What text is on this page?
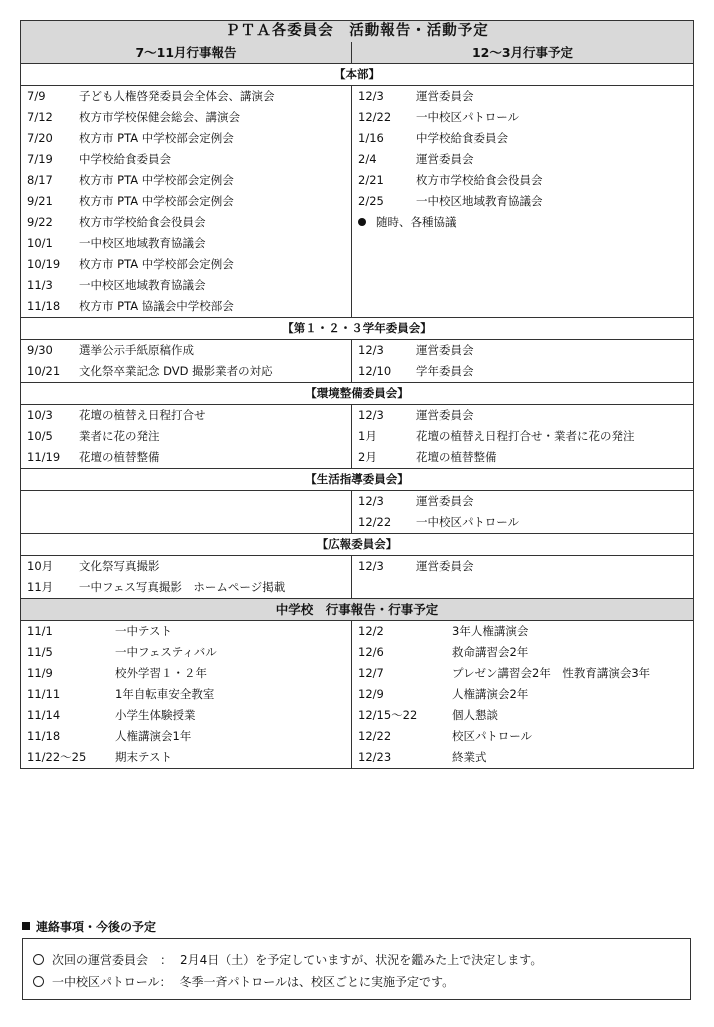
ＰＴＡ各委員会　活動報告・活動予定	
7〜11月行事報告	12〜3月行事予定
【本部】	
7/9 子ども人権啓発委員会全体会、講演会	12/3 運営委員会
7/12 枚方市学校保健会総会、講演会	12/22 一中校区パトロール
7/20 枚方市 PTA 中学校部会定例会	1/16 中学校給食委員会
7/19 中学校給食委員会	2/4 運営委員会
8/17 枚方市 PTA 中学校部会定例会	2/21 枚方市学校給食会役員会
9/21 枚方市 PTA 中学校部会定例会	2/25 一中校区地域教育協議会
9/22 枚方市学校給食会役員会	随時、各種協議
10/1 一中校区地域教育協議会	
10/19 枚方市 PTA 中学校部会定例会	
11/3 一中校区地域教育協議会	
11/18 枚方市 PTA 協議会中学校部会	
【第１・２・３学年委員会】	
9/30 選挙公示手紙原稿作成	12/3 運営委員会
10/21 文化祭卒業記念 DVD 撮影業者の対応	12/10 学年委員会
【環境整備委員会】	
10/3 花壇の植替え日程打合せ	12/3 運営委員会
10/5 業者に花の発注	1月 花壇の植替え日程打合せ・業者に花の発注
11/19 花壇の植替整備	2月 花壇の植替整備
【生活指導委員会】	
	12/3 運営委員会
	12/22 一中校区パトロール
【広報委員会】	
10月 文化祭写真撮影	12/3 運営委員会
11月 一中フェス写真撮影　ホームページ掲載	
中学校　行事報告・行事予定	
11/1 一中テスト	12/2 3年人権講演会
11/5 一中フェスティバル	12/6 救命講習会2年
11/9 校外学習１・２年	12/7 プレゼン講習会2年　性教育講演会3年
11/11 1年自転車安全教室	12/9 人権講演会2年
11/14 小学生体験授業	12/15〜22 個人懇談
11/18 人権講演会1年	12/22 校区パトロール
11/22〜25 期末テスト	12/23 終業式
連絡事項・今後の予定
次回の運営委員会　： 2月4日（土）を予定していますが、状況を鑑みた上で決定します。
一中校区パトロール： 冬季一斉パトロールは、校区ごとに実施予定です。
